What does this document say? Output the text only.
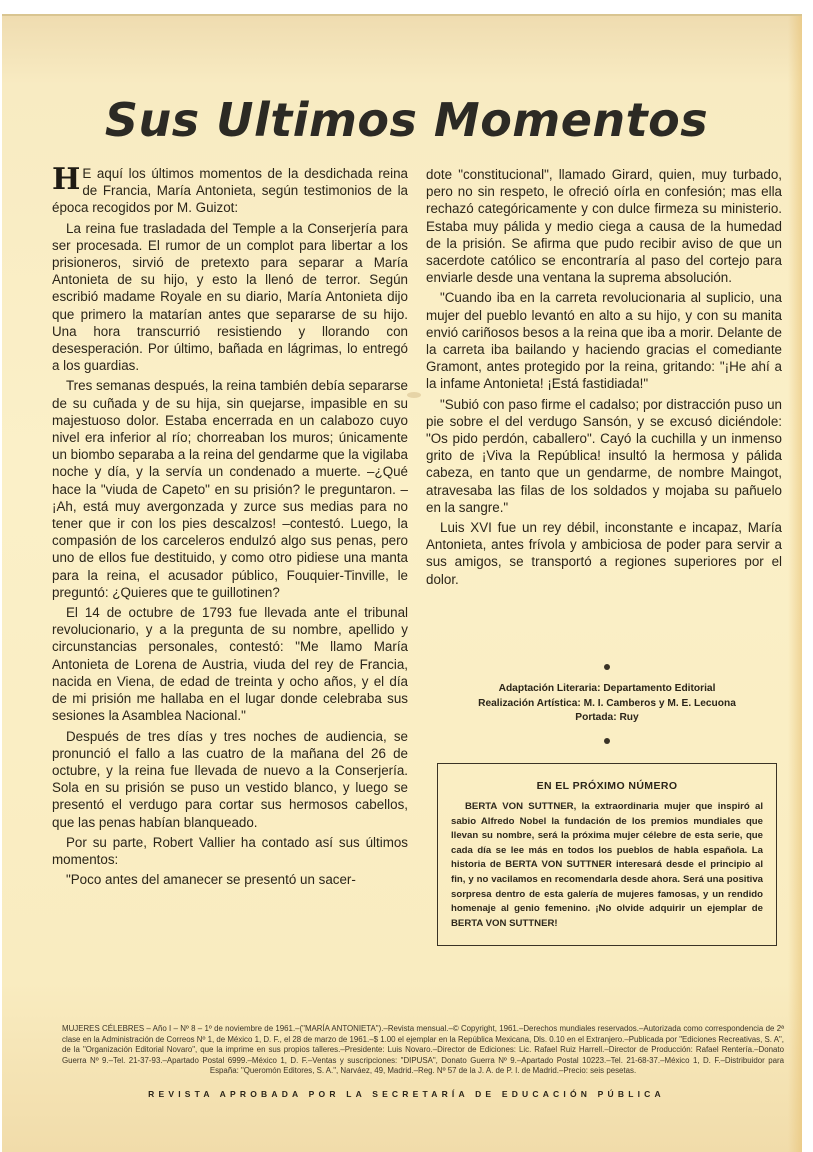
Sus Ultimos Momentos

H E aquí los últimos momentos de la desdichada reina de Francia, María Antonieta, según testimonios de la época recogidos por M. Guizot:

La reina fue trasladada del Temple a la Conserjería para ser procesada. El rumor de un complot para libertar a los prisioneros, sirvió de pretexto para separar a María Antonieta de su hijo, y esto la llenó de terror. Según escribió madame Royale en su diario, María Antonieta dijo que primero la matarían antes que separarse de su hijo. Una hora transcurrió resistiendo y llorando con desesperación. Por último, bañada en lágrimas, lo entregó a los guardias.

Tres semanas después, la reina también debía separarse de su cuñada y de su hija, sin quejarse, impasible en su majestuoso dolor. Estaba encerrada en un calabozo cuyo nivel era inferior al río; chorreaban los muros; únicamente un biombo separaba a la reina del gendarme que la vigilaba noche y día, y la servía un condenado a muerte. –¿Qué hace la "viuda de Capeto" en su prisión? le preguntaron. –¡Ah, está muy avergonzada y zurce sus medias para no tener que ir con los pies descalzos! –contestó. Luego, la compasión de los carceleros endulzó algo sus penas, pero uno de ellos fue destituido, y como otro pidiese una manta para la reina, el acusador público, Fouquier-Tinville, le preguntó: ¿Quieres que te guillotinen?

El 14 de octubre de 1793 fue llevada ante el tribunal revolucionario, y a la pregunta de su nombre, apellido y circunstancias personales, contestó: "Me llamo María Antonieta de Lorena de Austria, viuda del rey de Francia, nacida en Viena, de edad de treinta y ocho años, y el día de mi prisión me hallaba en el lugar donde celebraba sus sesiones la Asamblea Nacional."

Después de tres días y tres noches de audiencia, se pronunció el fallo a las cuatro de la mañana del 26 de octubre, y la reina fue llevada de nuevo a la Conserjería. Sola en su prisión se puso un vestido blanco, y luego se presentó el verdugo para cortar sus hermosos cabellos, que las penas habían blanqueado.

Por su parte, Robert Vallier ha contado así sus últimos momentos:

"Poco antes del amanecer se presentó un sacer-

dote "constitucional", llamado Girard, quien, muy turbado, pero no sin respeto, le ofreció oírla en confesión; mas ella rechazó categóricamente y con dulce firmeza su ministerio. Estaba muy pálida y medio ciega a causa de la humedad de la prisión. Se afirma que pudo recibir aviso de que un sacerdote católico se encontraría al paso del cortejo para enviarle desde una ventana la suprema absolución.

"Cuando iba en la carreta revolucionaria al suplicio, una mujer del pueblo levantó en alto a su hijo, y con su manita envió cariñosos besos a la reina que iba a morir. Delante de la carreta iba bailando y haciendo gracias el comediante Gramont, antes protegido por la reina, gritando: "¡He ahí a la infame Antonieta! ¡Está fastidiada!"

"Subió con paso firme el cadalso; por distracción puso un pie sobre el del verdugo Sansón, y se excusó diciéndole: "Os pido perdón, caballero". Cayó la cuchilla y un inmenso grito de ¡Viva la República! insultó la hermosa y pálida cabeza, en tanto que un gendarme, de nombre Maingot, atravesaba las filas de los soldados y mojaba su pañuelo en la sangre."

Luis XVI fue un rey débil, inconstante e incapaz, María Antonieta, antes frívola y ambiciosa de poder para servir a sus amigos, se transportó a regiones superiores por el dolor.

Adaptación Literaria: Departamento Editorial
Realización Artística: M. I. Camberos y M. E. Lecuona
Portada: Ruy
EN EL PRÓXIMO NÚMERO
BERTA VON SUTTNER, la extraordinaria mujer que inspiró al sabio Alfredo Nobel la fundación de los premios mundiales que llevan su nombre, será la próxima mujer célebre de esta serie, que cada día se lee más en todos los pueblos de habla española. La historia de BERTA VON SUTTNER interesará desde el principio al fin, y no vacilamos en recomendarla desde ahora. Será una positiva sorpresa dentro de esta galería de mujeres famosas, y un rendido homenaje al genio femenino. ¡No olvide adquirir un ejemplar de BERTA VON SUTTNER!
MUJERES CÉLEBRES – Año I – Nº 8 – 1º de noviembre de 1961.–("MARÍA ANTONIETA").–Revista mensual.–© Copyright, 1961.–Derechos mundiales reservados.–Autorizada como correspondencia de 2ª clase en la Administración de Correos Nº 1, de México 1, D. F., el 28 de marzo de 1961.–$ 1.00 el ejemplar en la República Mexicana, Dls. 0.10 en el Extranjero.–Publicada por "Ediciones Recreativas, S. A", de la "Organización Editorial Novaro", que la imprime en sus propios talleres.–Presidente: Luis Novaro.–Director de Ediciones: Lic. Rafael Ruiz Harrell.–Director de Producción: Rafael Rentería.–Donato Guerra Nº 9.–Tel. 21-37-93.–Apartado Postal 6999.–México 1, D. F.–Ventas y suscripciones: "DIPUSA", Donato Guerra Nº 9.–Apartado Postal 10223.–Tel. 21-68-37.–México 1, D. F.–Distribuidor para España: "Queromón Editores, S. A.", Narváez, 49, Madrid.–Reg. Nº 57 de la J. A. de P. I. de Madrid.–Precio: seis pesetas.
REVISTA APROBADA POR LA SECRETARÍA DE EDUCACIÓN PÚBLICA
